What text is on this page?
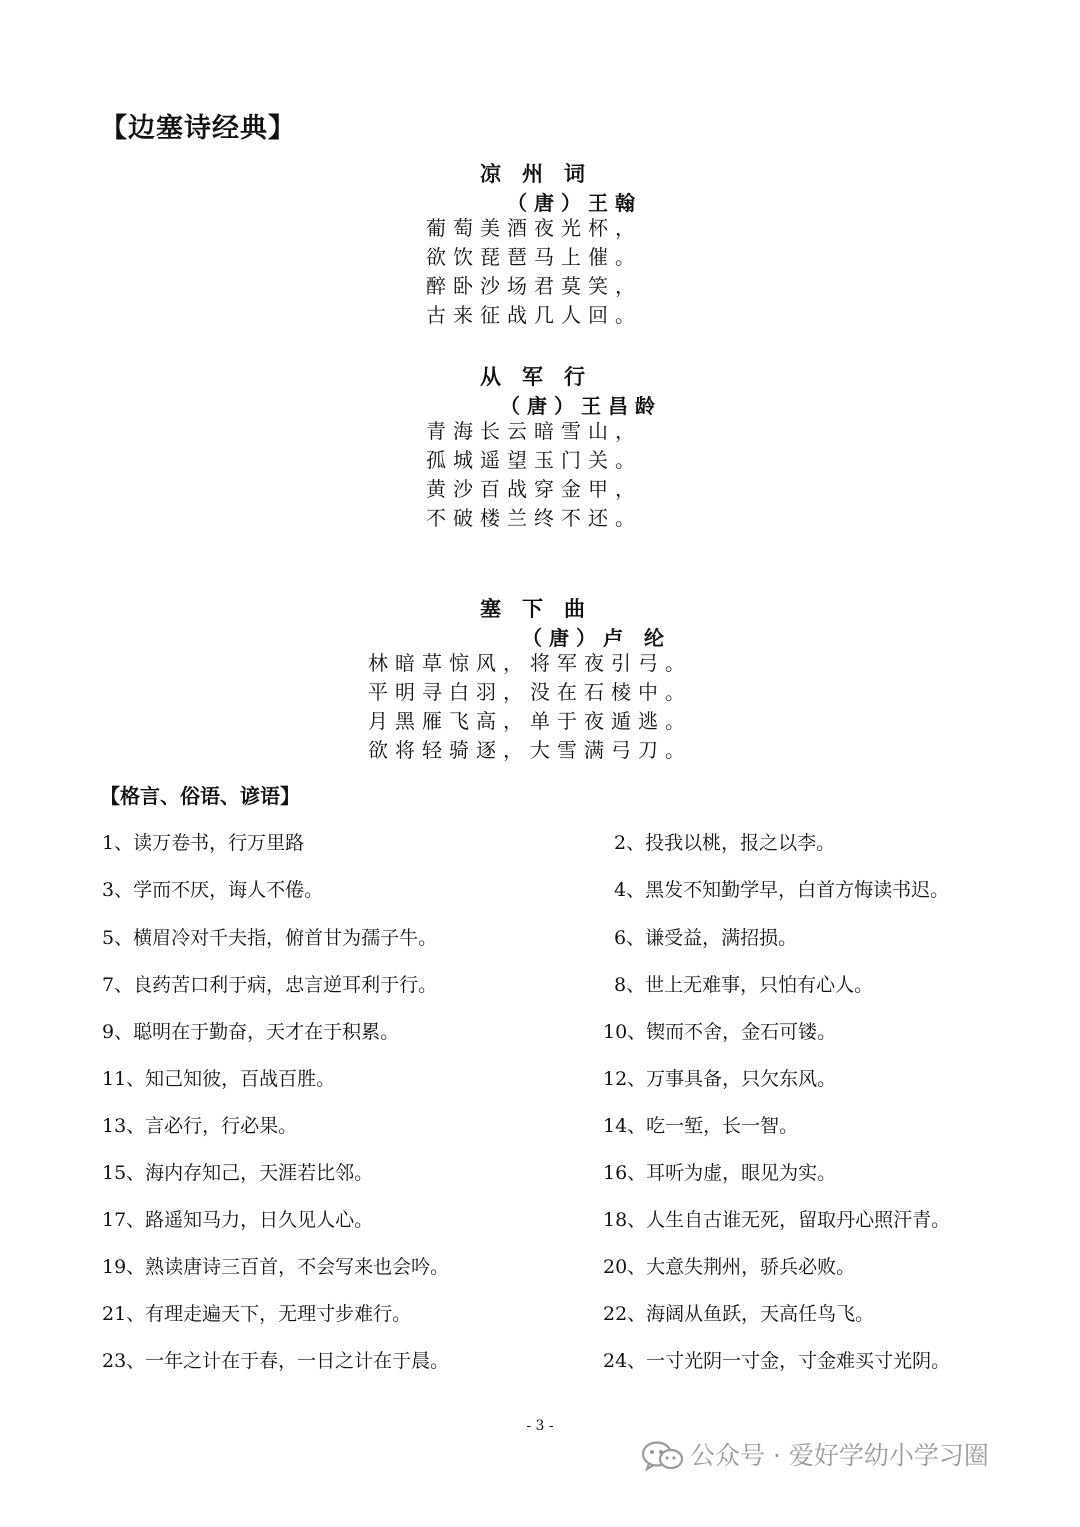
【边塞诗经典】
凉州词
（唐）王翰
葡萄美酒夜光杯，
欲饮琵琶马上催。
醉卧沙场君莫笑，
古来征战几人回。
从军行
（唐）王昌龄
青海长云暗雪山，
孤城遥望玉门关。
黄沙百战穿金甲，
不破楼兰终不还。
塞下曲
（唐）卢 纶
林暗草惊风，将军夜引弓。
平明寻白羽，没在石棱中。
月黑雁飞高，单于夜遁逃。
欲将轻骑逐，大雪满弓刀。
【格言、俗语、谚语】
1、读万卷书，行万里路	2、投我以桃，报之以李。
3、学而不厌，诲人不倦。	4、黑发不知勤学早，白首方悔读书迟。
5、横眉冷对千夫指，俯首甘为孺子牛。	6、谦受益，满招损。
7、良药苦口利于病，忠言逆耳利于行。	8、世上无难事，只怕有心人。
9、聪明在于勤奋，天才在于积累。	10、锲而不舍，金石可镂。
11、知己知彼，百战百胜。	12、万事具备，只欠东风。
13、言必行，行必果。	14、吃一堑，长一智。
15、海内存知己，天涯若比邻。	16、耳听为虚，眼见为实。
17、路遥知马力，日久见人心。	18、人生自古谁无死，留取丹心照汗青。
19、熟读唐诗三百首，不会写来也会吟。	20、大意失荆州，骄兵必败。
21、有理走遍天下，无理寸步难行。	22、海阔从鱼跃，天高任鸟飞。
23、一年之计在于春，一日之计在于晨。	24、一寸光阴一寸金，寸金难买寸光阴。
- 3 -
公众号 · 爱好学幼小学习圈
